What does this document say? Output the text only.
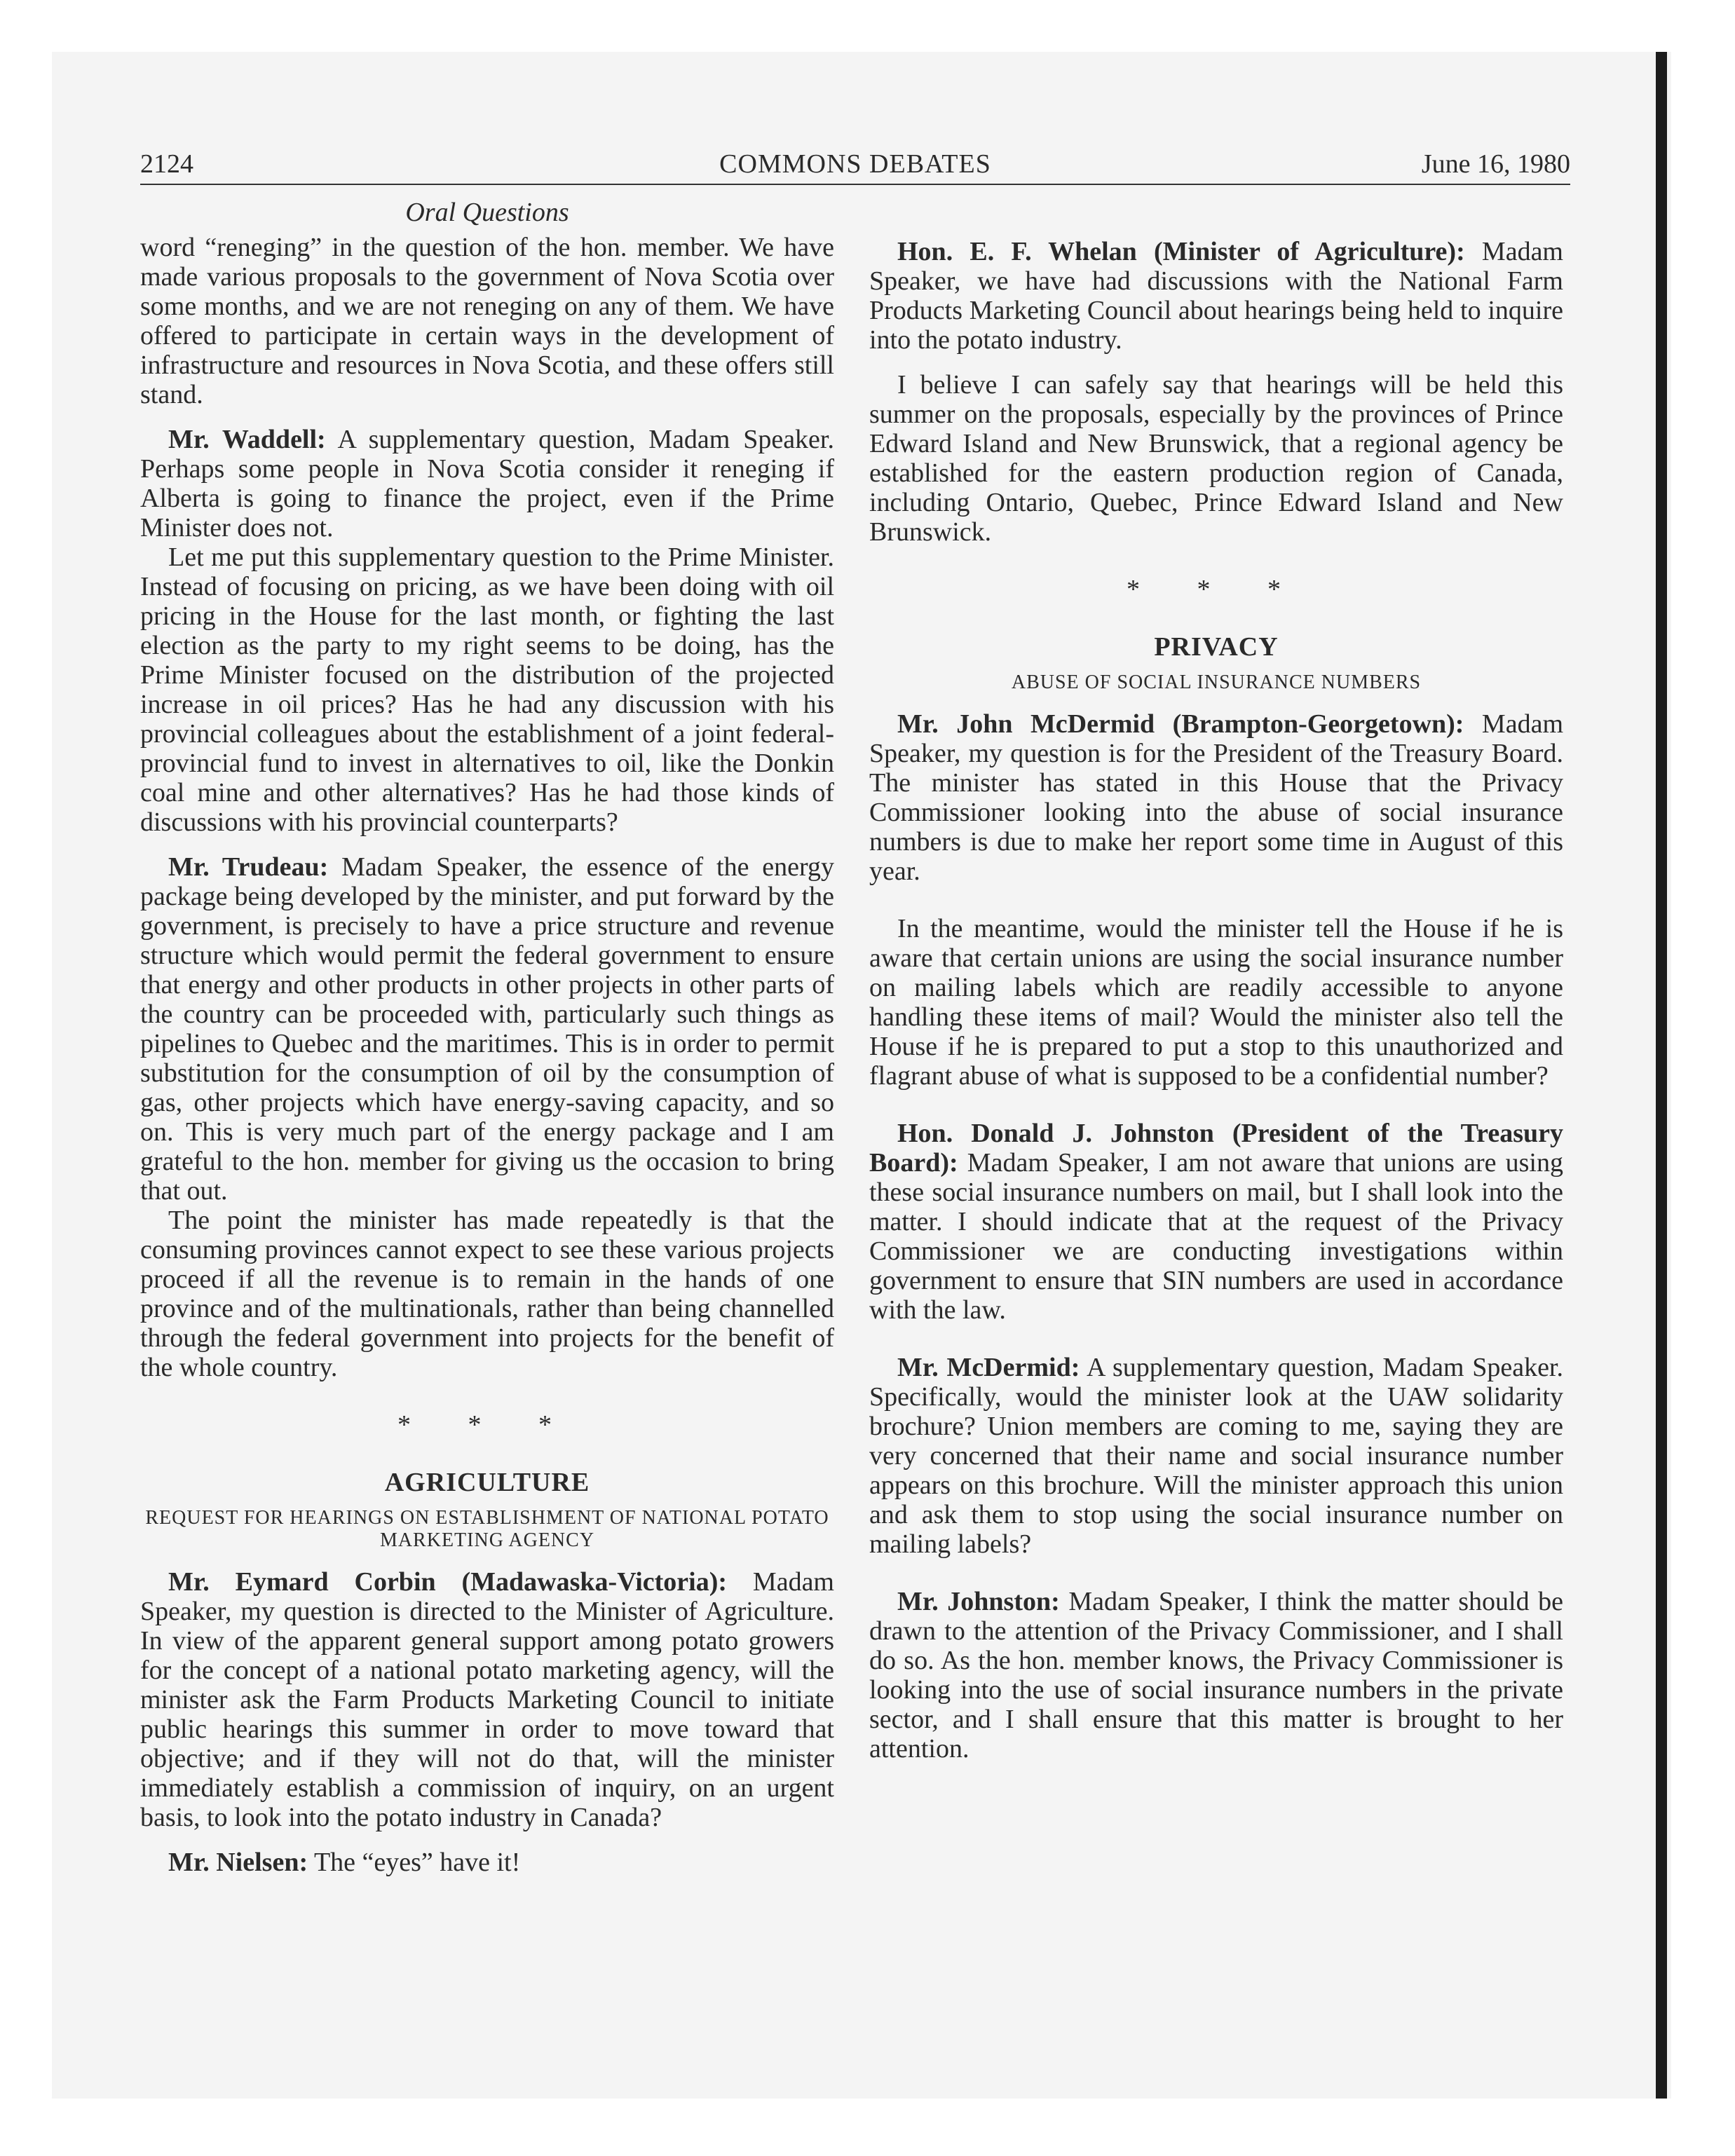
2124	COMMONS DEBATES	June 16, 1980
Oral Questions

word “reneging” in the question of the hon. member. We have made various proposals to the government of Nova Scotia over some months, and we are not reneging on any of them. We have offered to participate in certain ways in the development of infrastructure and resources in Nova Scotia, and these offers still stand.

Mr. Waddell: A supplementary question, Madam Speaker. Perhaps some people in Nova Scotia consider it reneging if Alberta is going to finance the project, even if the Prime Minister does not.

Let me put this supplementary question to the Prime Minister. Instead of focusing on pricing, as we have been doing with oil pricing in the House for the last month, or fighting the last election as the party to my right seems to be doing, has the Prime Minister focused on the distribution of the projected increase in oil prices? Has he had any discussion with his provincial colleagues about the establishment of a joint federal-provincial fund to invest in alternatives to oil, like the Donkin coal mine and other alternatives? Has he had those kinds of discussions with his provincial counterparts?

Mr. Trudeau: Madam Speaker, the essence of the energy package being developed by the minister, and put forward by the government, is precisely to have a price structure and revenue structure which would permit the federal government to ensure that energy and other products in other projects in other parts of the country can be proceeded with, particularly such things as pipelines to Quebec and the maritimes. This is in order to permit substitution for the consumption of oil by the consumption of gas, other projects which have energy-saving capacity, and so on. This is very much part of the energy package and I am grateful to the hon. member for giving us the occasion to bring that out.

The point the minister has made repeatedly is that the consuming provinces cannot expect to see these various projects proceed if all the revenue is to remain in the hands of one province and of the multinationals, rather than being channelled through the federal government into projects for the benefit of the whole country.

* * *
AGRICULTURE
REQUEST FOR HEARINGS ON ESTABLISHMENT OF NATIONAL POTATO MARKETING AGENCY

Mr. Eymard Corbin (Madawaska-Victoria): Madam Speaker, my question is directed to the Minister of Agriculture. In view of the apparent general support among potato growers for the concept of a national potato marketing agency, will the minister ask the Farm Products Marketing Council to initiate public hearings this summer in order to move toward that objective; and if they will not do that, will the minister immediately establish a commission of inquiry, on an urgent basis, to look into the potato industry in Canada?

Mr. Nielsen: The “eyes” have it!

Hon. E. F. Whelan (Minister of Agriculture): Madam Speaker, we have had discussions with the National Farm Products Marketing Council about hearings being held to inquire into the potato industry.

I believe I can safely say that hearings will be held this summer on the proposals, especially by the provinces of Prince Edward Island and New Brunswick, that a regional agency be established for the eastern production region of Canada, including Ontario, Quebec, Prince Edward Island and New Brunswick.

* * *
PRIVACY
ABUSE OF SOCIAL INSURANCE NUMBERS

Mr. John McDermid (Brampton-Georgetown): Madam Speaker, my question is for the President of the Treasury Board. The minister has stated in this House that the Privacy Commissioner looking into the abuse of social insurance numbers is due to make her report some time in August of this year.

In the meantime, would the minister tell the House if he is aware that certain unions are using the social insurance number on mailing labels which are readily accessible to anyone handling these items of mail? Would the minister also tell the House if he is prepared to put a stop to this unauthorized and flagrant abuse of what is supposed to be a confidential number?

Hon. Donald J. Johnston (President of the Treasury Board): Madam Speaker, I am not aware that unions are using these social insurance numbers on mail, but I shall look into the matter. I should indicate that at the request of the Privacy Commissioner we are conducting investigations within government to ensure that SIN numbers are used in accordance with the law.

Mr. McDermid: A supplementary question, Madam Speaker. Specifically, would the minister look at the UAW solidarity brochure? Union members are coming to me, saying they are very concerned that their name and social insurance number appears on this brochure. Will the minister approach this union and ask them to stop using the social insurance number on mailing labels?

Mr. Johnston: Madam Speaker, I think the matter should be drawn to the attention of the Privacy Commissioner, and I shall do so. As the hon. member knows, the Privacy Commissioner is looking into the use of social insurance numbers in the private sector, and I shall ensure that this matter is brought to her attention.
